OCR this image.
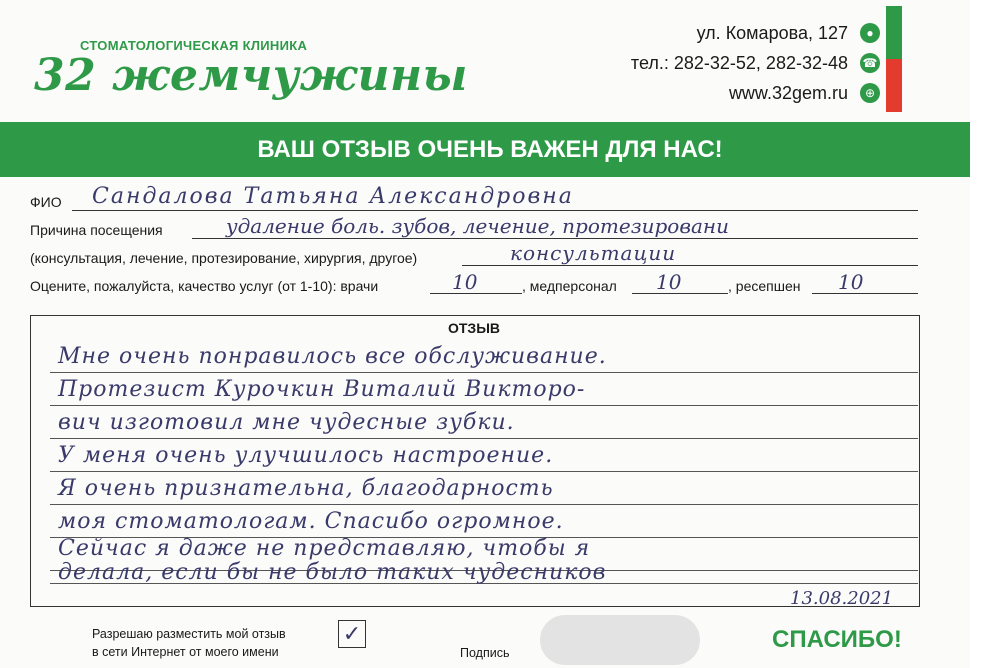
СТОМАТОЛОГИЧЕСКАЯ КЛИНИКА
32 жемчужины
ул. Комарова, 127
тел.: 282-32-52, 282-32-48
www.32gem.ru
●
☎
⊕
ВАШ ОТЗЫВ ОЧЕНЬ ВАЖЕН ДЛЯ НАС!
ФИО Сандалова Татьяна Александровна
Причина посещения	удаление боль. зубов, лечение, протезировани
(консультация, лечение, протезирование, хирургия, другое)	консультации
Оцените, пожалуйста, качество услуг (от 1-10): врачи	10	, медперсонал 10	, ресепшен 10
ОТЗЫВ
Мне очень понравилось все обслуживание.
Протезист Курочкин Виталий Викторо-
вич изготовил мне чудесные зубки.
У меня очень улучшилось настроение.
Я очень признательна, благодарность
моя стоматологам. Спасибо огромное.
Сейчас я даже не представляю, чтобы я
делала, если бы не было таких чудесников
13.08.2021
Разрешаю разместить мой отзыв
в сети Интернет от моего имени
✓
Подпись	СПАСИБО!
